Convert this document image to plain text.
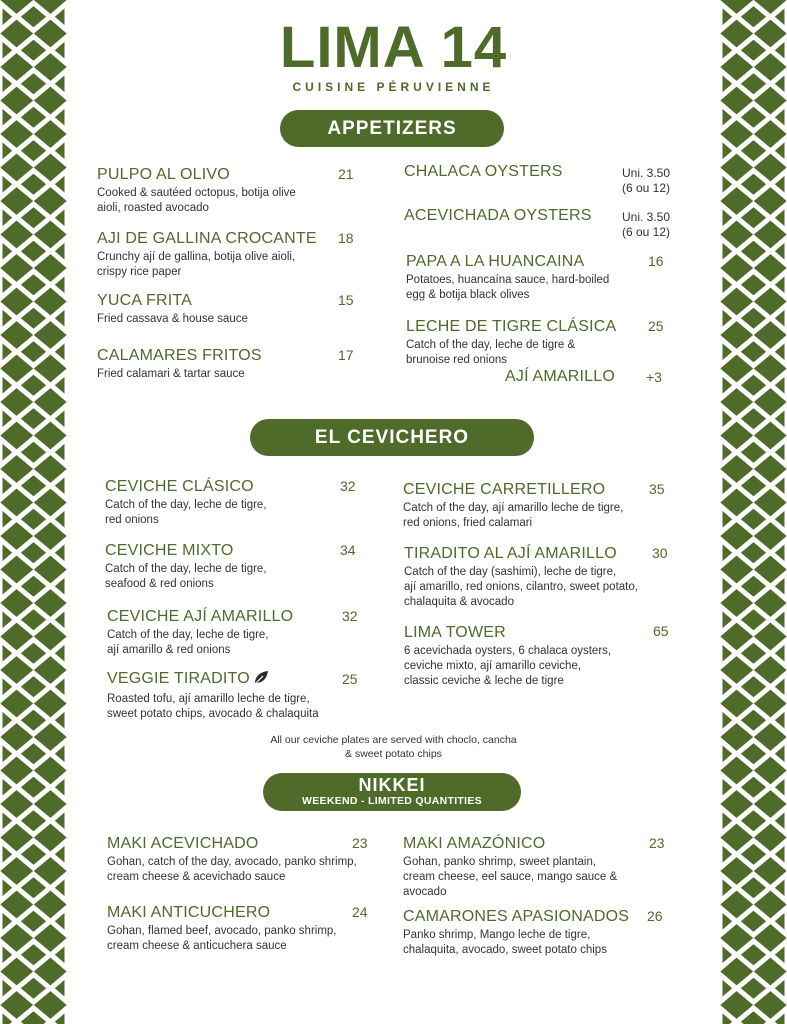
LIMA 14
CUISINE PÉRUVIENNE
APPETIZERS
PULPO AL OLIVO
Cooked & sautéed octopus, botija olive
aioli, roasted avocado
21
AJI DE GALLINA CROCANTE
Crunchy ají de gallina, botija olive aioli,
crispy rice paper
18
YUCA FRITA
Fried cassava & house sauce
15
CALAMARES FRITOS
Fried calamari & tartar sauce
17
CHALACA OYSTERS	Uni. 3.50
(6 ou 12)
ACEVICHADA OYSTERS	Uni. 3.50
(6 ou 12)
PAPA A LA HUANCAINA
Potatoes, huancaína sauce, hard-boiled
egg & botija black olives
16
LECHE DE TIGRE CLÁSICA
Catch of the day, leche de tigre &
brunoise red onions
25
AJÍ AMARILLO +3
EL CEVICHERO
CEVICHE CLÁSICO
Catch of the day, leche de tigre,
red onions
32
CEVICHE MIXTO
Catch of the day, leche de tigre,
seafood & red onions
34
CEVICHE AJÍ AMARILLO
Catch of the day, leche de tigre,
ají amarillo & red onions
32
VEGGIE TIRADITO
Roasted tofu, ají amarillo leche de tigre,
sweet potato chips, avocado & chalaquita
25
CEVICHE CARRETILLERO
Catch of the day, ají amarillo leche de tigre,
red onions, fried calamari
35
TIRADITO AL AJÍ AMARILLO
Catch of the day (sashimi), leche de tigre,
ají amarillo, red onions, cilantro, sweet potato,
chalaquita & avocado
30
LIMA TOWER
6 acevichada oysters, 6 chalaca oysters,
ceviche mixto, ají amarillo ceviche,
classic ceviche & leche de tigre
65
All our ceviche plates are served with choclo, cancha
& sweet potato chips
NIKKEI
WEEKEND - LIMITED QUANTITIES
MAKI ACEVICHADO
Gohan, catch of the day, avocado, panko shrimp,
cream cheese & acevichado sauce
23
MAKI ANTICUCHERO
Gohan, flamed beef, avocado, panko shrimp,
cream cheese & anticuchera sauce
24
MAKI AMAZÓNICO
Gohan, panko shrimp, sweet plantain,
cream cheese, eel sauce, mango sauce &
avocado
23
CAMARONES APASIONADOS
Panko shrimp, Mango leche de tigre,
chalaquita, avocado, sweet potato chips
26
